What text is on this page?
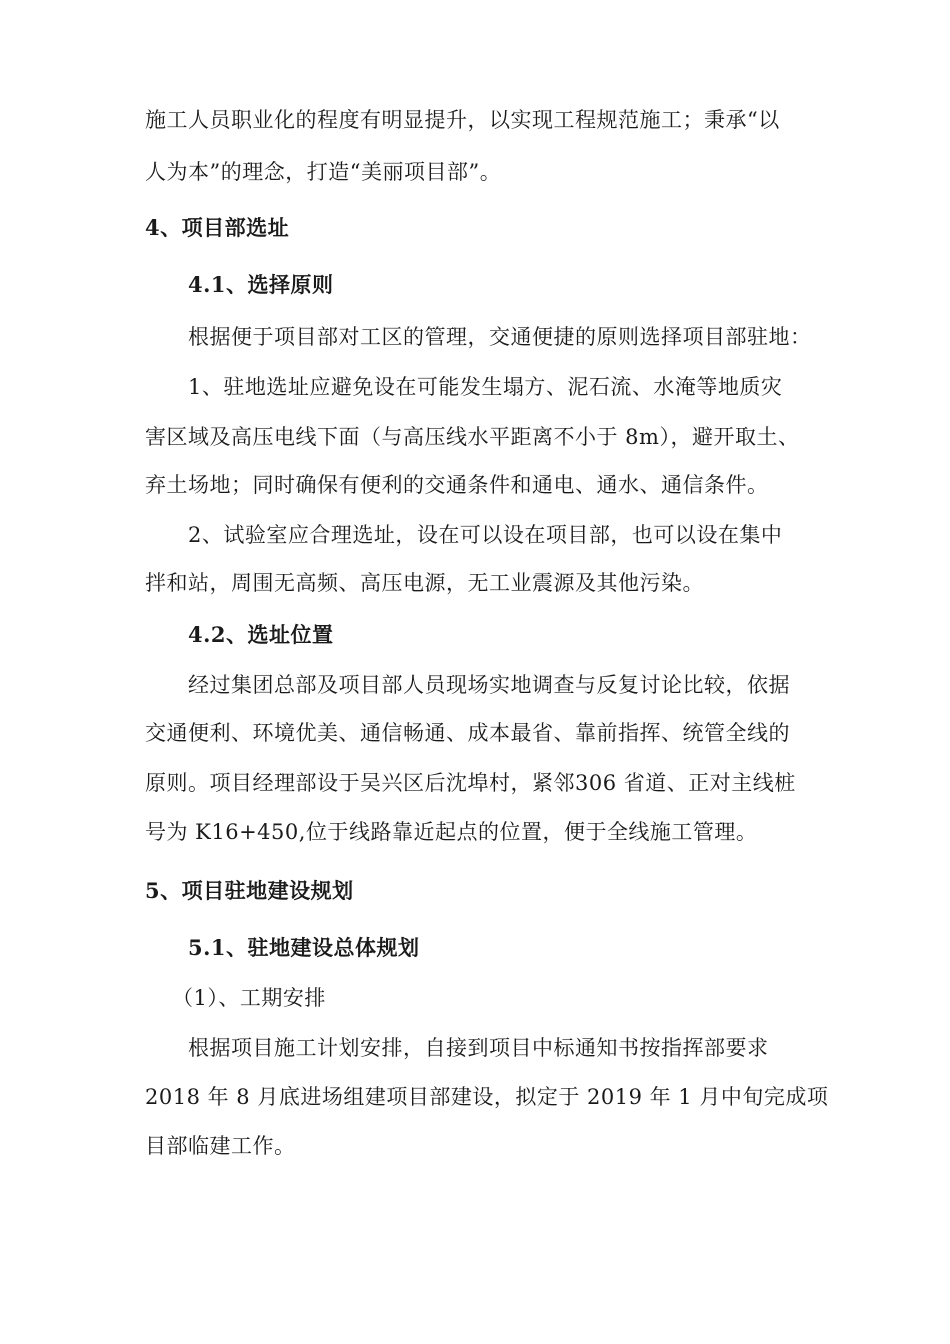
施工人员职业化的程度有明显提升，以实现工程规范施工；秉承“以
人为本”的理念，打造“美丽项目部”。
4、项目部选址
4.1、选择原则
根据便于项目部对工区的管理，交通便捷的原则选择项目部驻地：
1、驻地选址应避免设在可能发生塌方、泥石流、水淹等地质灾
害区域及高压电线下面（与高压线水平距离不小于 8m），避开取土、
弃土场地；同时确保有便利的交通条件和通电、通水、通信条件。
2、试验室应合理选址，设在可以设在项目部，也可以设在集中
拌和站，周围无高频、高压电源，无工业震源及其他污染。
4.2、选址位置
经过集团总部及项目部人员现场实地调查与反复讨论比较，依据
交通便利、环境优美、通信畅通、成本最省、靠前指挥、统管全线的
原则。项目经理部设于吴兴区后沈埠村，紧邻306 省道、正对主线桩
号为 K16+450,位于线路靠近起点的位置，便于全线施工管理。
5、项目驻地建设规划
5.1、驻地建设总体规划
（1）、工期安排
根据项目施工计划安排，自接到项目中标通知书按指挥部要求
2018 年 8 月底进场组建项目部建设，拟定于 2019 年 1 月中旬完成项
目部临建工作。
